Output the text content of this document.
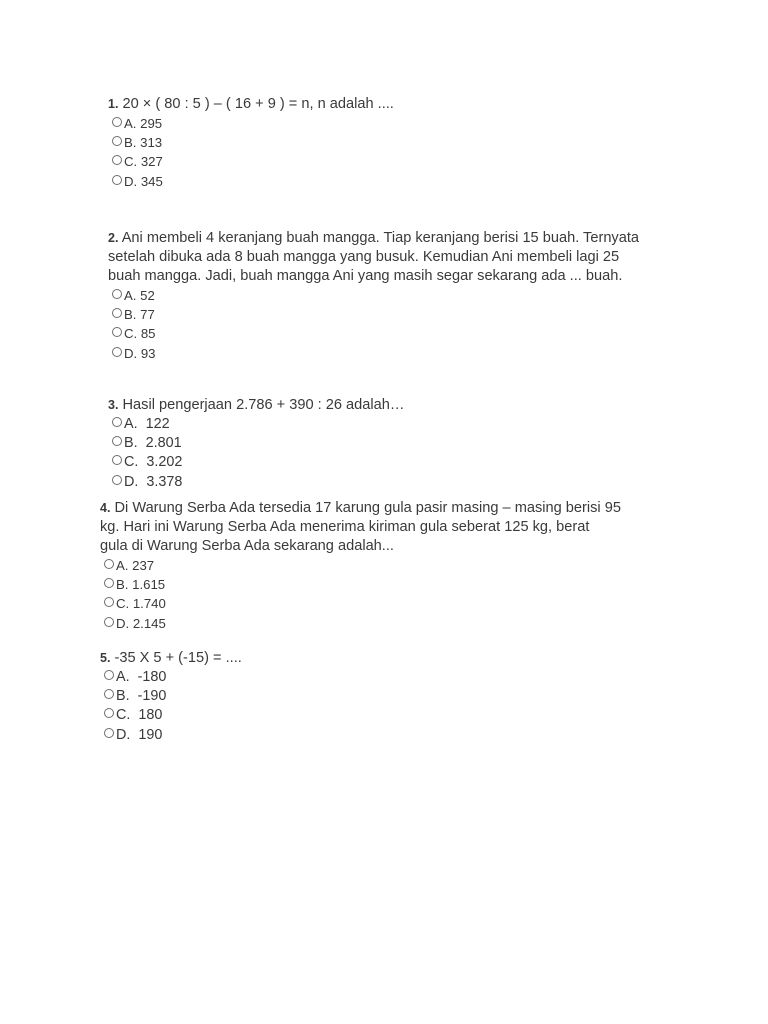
1. 20 × ( 80 : 5 ) – ( 16 + 9 ) = n, n adalah ....
A. 295
B. 313
C. 327
D. 345
2. Ani membeli 4 keranjang buah mangga. Tiap keranjang berisi 15 buah. Ternyata
setelah dibuka ada 8 buah mangga yang busuk. Kemudian Ani membeli lagi 25
buah mangga. Jadi, buah mangga Ani yang masih segar sekarang ada ... buah.
A. 52
B. 77
C. 85
D. 93
3. Hasil pengerjaan 2.786 + 390 : 26 adalah…
A.  122
B.  2.801
C.  3.202
D.  3.378
4. Di Warung Serba Ada tersedia 17 karung gula pasir masing – masing berisi 95
kg. Hari ini Warung Serba Ada menerima kiriman gula seberat 125 kg, berat
gula di Warung Serba Ada sekarang adalah...
A. 237
B. 1.615
C. 1.740
D. 2.145
5. -35 X 5 + (-15) = ....
A.  -180
B.  -190
C.  180
D.  190
